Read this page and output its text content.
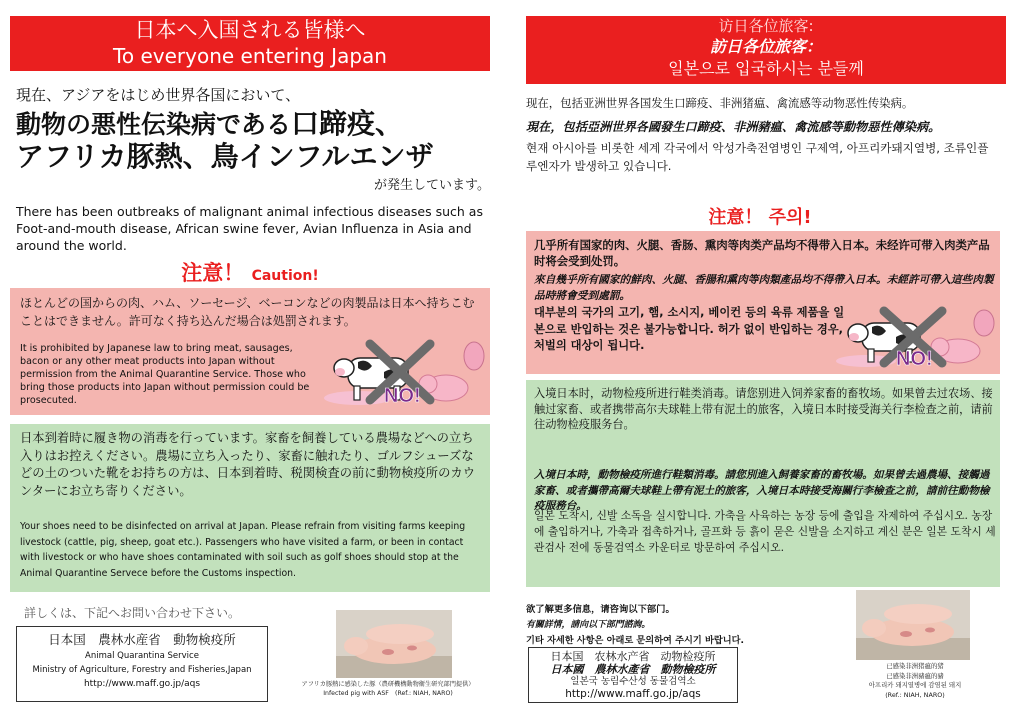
日本へ入国される皆様へ
To everyone entering Japan
現在、アジアをはじめ世界各国において、
動物の悪性伝染病である口蹄疫、
アフリカ豚熱、鳥インフルエンザ
が発生しています。
There has been outbreaks of malignant animal infectious diseases such as Foot-and-mouth disease, African swine fever, Avian Influenza in Asia and around the world.
注意！ Caution!
ほとんどの国からの肉、ハム、ソーセージ、ベーコンなどの肉製品は日本へ持ちこむことはできません。許可なく持ち込んだ場合は処罰されます。
It is prohibited by Japanese law to bring meat, sausages, bacon or any other meat products into Japan without permission from the Animal Quarantine Service. Those who bring those products into Japan without permission could be prosecuted.	NO!
日本到着時に履き物の消毒を行っています。家畜を飼養している農場などへの立ち入りはお控えください。農場に立ち入ったり、家畜に触れたり、ゴルフシューズなどの土のついた靴をお持ちの方は、日本到着時、税関検査の前に動物検疫所のカウンターにお立ち寄りください。
Your shoes need to be disinfected on arrival at Japan. Please refrain from visiting farms keeping livestock (cattle, pig, sheep, goat etc.). Passengers who have visited a farm, or been in contact with livestock or who have shoes contaminated with soil such as golf shoes should stop at the Animal Quarantine Servece before the Customs inspection.
詳しくは、下記へお問い合わせ下さい。
日本国　農林水産省　動物検疫所
Animal Quarantina Service
Ministry of Agriculture, Forestry and Fisheries,Japan
http://www.maff.go.jp/aqs	アフリカ豚熱に感染した豚（農研機構動物衛生研究部門提供）
Infected pig with ASF　(Ref.: NIAH, NARO)
访日各位旅客:
訪日各位旅客：
일본으로 입국하시는 분들께
现在，包括亚洲世界各国发生口蹄疫、非洲猪瘟、禽流感等动物恶性传染病。
現在，包括亞洲世界各國發生口蹄疫、非洲豬瘟、禽流感等動物惡性傳染病。
현재 아시아를 비롯한 세계 각국에서 악성가축전염병인 구제역, 아프리카돼지열병, 조류인플루엔자가 발생하고 있습니다.
注意！ 주의!
几乎所有国家的肉、火腿、香肠、熏肉等肉类产品均不得带入日本。未经许可带入肉类产品时将会受到处罚。
來自幾乎所有國家的鮮肉、火腿、香腸和熏肉等肉類產品均不得帶入日本。未經許可帶入這些肉製品時將會受到處罰。
대부분의 국가의 고기, 햄, 소시지, 베이컨 등의 육류 제품을 일본으로 반입하는 것은 불가능합니다. 허가 없이 반입하는 경우, 처벌의 대상이 됩니다.
NO!
入境日本时，动物检疫所进行鞋类消毒。请您别进入饲养家畜的畜牧场。如果曾去过农场、接触过家畜、或者携带高尔夫球鞋上带有泥土的旅客，入境日本时接受海关行李检查之前，请前往动物检疫服务台。
入境日本時，動物檢疫所進行鞋類消毒。請您別進入飼養家畜的畜牧場。如果曾去過農場、接觸過家畜、或者攜帶高爾夫球鞋上帶有泥土的旅客，入境日本時接受海關行李檢查之前，請前往動物檢疫服務台。
일본 도착시, 신발 소독을 실시합니다. 가축을 사육하는 농장 등에 출입을 자제하여 주십시오. 농장에 출입하거나, 가축과 접촉하거나, 골프화 등 흙이 묻은 신발을 소지하고 계신 분은 일본 도착시 세관검사 전에 동물검역소 카운터로 방문하여 주십시오.
欲了解更多信息，请咨询以下部门。
有關詳情，請向以下部門諮詢。
기타 자세한 사항은 아래로 문의하여 주시기 바랍니다.
日本国　农林水产省　动物检疫所
日本國　農林水產省　動物檢疫所
일본국 농림수산성 동물검역소
http://www.maff.go.jp/aqs
已感染非洲猪瘟的猪
已感染非洲豬瘟的豬
아프리카 돼지열병에 감염된 돼지
(Ref.: NIAH, NARO)
